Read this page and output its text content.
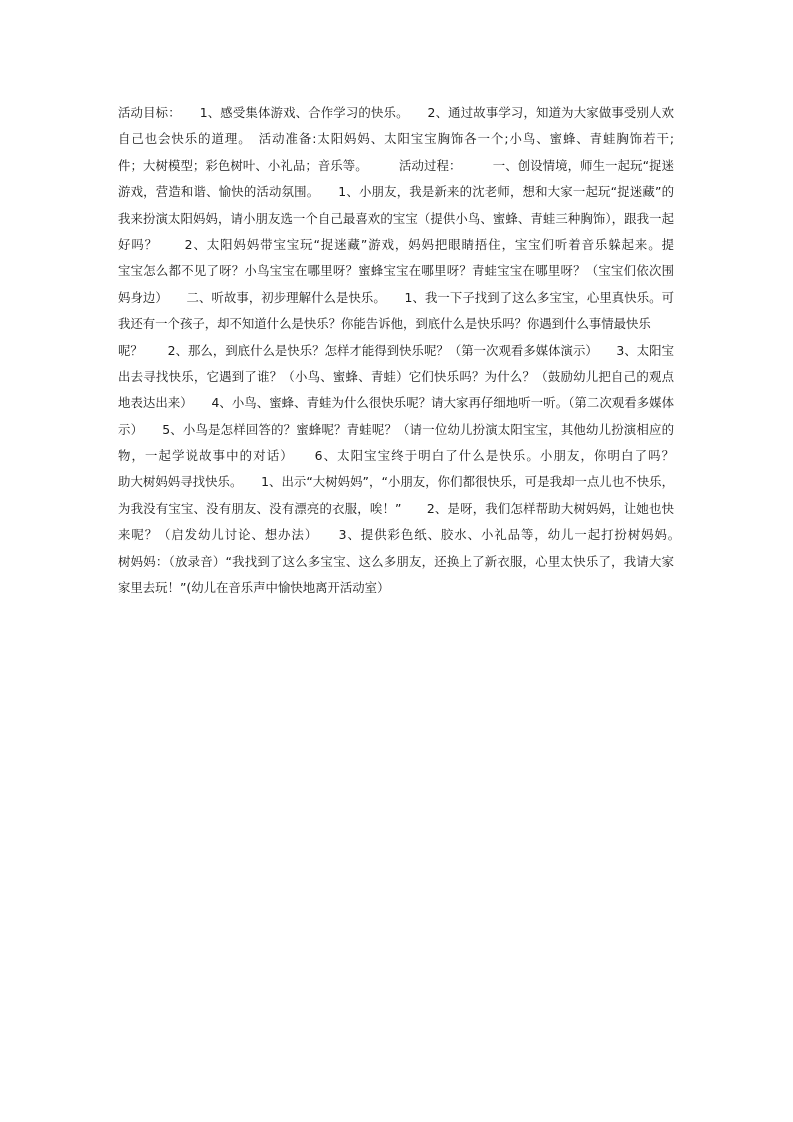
活动目标：　　1、感受集体游戏、合作学习的快乐。　　2、通过故事学习，知道为大家做事受别人欢
自己也会快乐的道理。　活动准备:太阳妈妈、太阳宝宝胸饰各一个;小鸟、蜜蜂、青蛙胸饰若干;　　　　
件；大树模型；彩色树叶、小礼品；音乐等。　　　活动过程：　　　一、创设情境，师生一起玩“捉迷
游戏，营造和谐、愉快的活动氛围。　　1、小朋友，我是新来的沈老师，想和大家一起玩“捉迷藏”的
我来扮演太阳妈妈，请小朋友选一个自己最喜欢的宝宝（提供小鸟、蜜蜂、青蛙三种胸饰），跟我一起
好吗？　　2、太阳妈妈带宝宝玩“捉迷藏”游戏，妈妈把眼睛捂住，宝宝们听着音乐躲起来。提
宝宝怎么都不见了呀？小鸟宝宝在哪里呀？蜜蜂宝宝在哪里呀？青蛙宝宝在哪里呀？（宝宝们依次围
妈身边）　　二、听故事，初步理解什么是快乐。　　1、我一下子找到了这么多宝宝，心里真快乐。可
我还有一个孩子，却不知道什么是快乐？你能告诉他，到底什么是快乐吗？你遇到什么事情最快乐
呢？　　2、那么，到底什么是快乐？怎样才能得到快乐呢？（第一次观看多媒体演示）　　3、太阳宝
出去寻找快乐，它遇到了谁？（小鸟、蜜蜂、青蛙）它们快乐吗？为什么？（鼓励幼儿把自己的观点
地表达出来）　　4、小鸟、蜜蜂、青蛙为什么很快乐呢？请大家再仔细地听一听。（第二次观看多媒体
示）　　5、小鸟是怎样回答的？蜜蜂呢？青蛙呢？（请一位幼儿扮演太阳宝宝，其他幼儿扮演相应的
物，一起学说故事中的对话）　　6、太阳宝宝终于明白了什么是快乐。小朋友，你明白了吗？　　
助大树妈妈寻找快乐。　　1、出示“大树妈妈”，“小朋友，你们都很快乐，可是我却一点儿也不快乐，
为我没有宝宝、没有朋友、没有漂亮的衣服，唉！”　　2、是呀，我们怎样帮助大树妈妈，让她也快
来呢？（启发幼儿讨论、想办法）　　3、提供彩色纸、胶水、小礼品等，幼儿一起打扮树妈妈。　　
树妈妈：（放录音）“我找到了这么多宝宝、这么多朋友，还换上了新衣服，心里太快乐了，我请大家
家里去玩！”(幼儿在音乐声中愉快地离开活动室）
